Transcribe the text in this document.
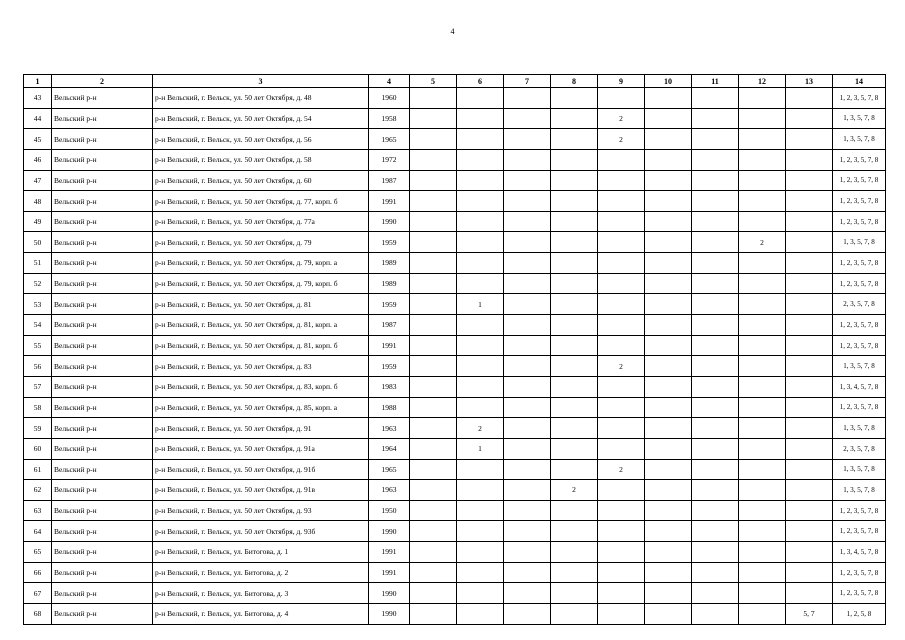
4
1	2	3	4	5	6	7	8	9	10	11	12	13	14
43	Вельский р-н	р-н Вельский, г. Вельск, ул. 50 лет Октября, д. 48	1960										1, 2, 3, 5, 7, 8
44	Вельский р-н	р-н Вельский, г. Вельск, ул. 50 лет Октября, д. 54	1958					2					1, 3, 5, 7, 8
45	Вельский р-н	р-н Вельский, г. Вельск, ул. 50 лет Октября, д. 56	1965					2					1, 3, 5, 7, 8
46	Вельский р-н	р-н Вельский, г. Вельск, ул. 50 лет Октября, д. 58	1972										1, 2, 3, 5, 7, 8
47	Вельский р-н	р-н Вельский, г. Вельск, ул. 50 лет Октября, д. 60	1987										1, 2, 3, 5, 7, 8
48	Вельский р-н	р-н Вельский, г. Вельск, ул. 50 лет Октября, д. 77, корп. б	1991										1, 2, 3, 5, 7, 8
49	Вельский р-н	р-н Вельский, г. Вельск, ул. 50 лет Октября, д. 77а	1990										1, 2, 3, 5, 7, 8
50	Вельский р-н	р-н Вельский, г. Вельск, ул. 50 лет Октября, д. 79	1959								2		1, 3, 5, 7, 8
51	Вельский р-н	р-н Вельский, г. Вельск, ул. 50 лет Октября, д. 79, корп. а	1989										1, 2, 3, 5, 7, 8
52	Вельский р-н	р-н Вельский, г. Вельск, ул. 50 лет Октября, д. 79, корп. б	1989										1, 2, 3, 5, 7, 8
53	Вельский р-н	р-н Вельский, г. Вельск, ул. 50 лет Октября, д. 81	1959		1								2, 3, 5, 7, 8
54	Вельский р-н	р-н Вельский, г. Вельск, ул. 50 лет Октября, д. 81, корп. а	1987										1, 2, 3, 5, 7, 8
55	Вельский р-н	р-н Вельский, г. Вельск, ул. 50 лет Октября, д. 81, корп. б	1991										1, 2, 3, 5, 7, 8
56	Вельский р-н	р-н Вельский, г. Вельск, ул. 50 лет Октября, д. 83	1959					2					1, 3, 5, 7, 8
57	Вельский р-н	р-н Вельский, г. Вельск, ул. 50 лет Октября, д. 83, корп. б	1983										1, 3, 4, 5, 7, 8
58	Вельский р-н	р-н Вельский, г. Вельск, ул. 50 лет Октября, д. 85, корп. а	1988										1, 2, 3, 5, 7, 8
59	Вельский р-н	р-н Вельский, г. Вельск, ул. 50 лет Октября, д. 91	1963		2								1, 3, 5, 7, 8
60	Вельский р-н	р-н Вельский, г. Вельск, ул. 50 лет Октября, д. 91а	1964		1								2, 3, 5, 7, 8
61	Вельский р-н	р-н Вельский, г. Вельск, ул. 50 лет Октября, д. 91б	1965					2					1, 3, 5, 7, 8
62	Вельский р-н	р-н Вельский, г. Вельск, ул. 50 лет Октября, д. 91в	1963				2						1, 3, 5, 7, 8
63	Вельский р-н	р-н Вельский, г. Вельск, ул. 50 лет Октября, д. 93	1950										1, 2, 3, 5, 7, 8
64	Вельский р-н	р-н Вельский, г. Вельск, ул. 50 лет Октября, д. 93б	1990										1, 2, 3, 5, 7, 8
65	Вельский р-н	р-н Вельский, г. Вельск, ул. Битогова, д. 1	1991										1, 3, 4, 5, 7, 8
66	Вельский р-н	р-н Вельский, г. Вельск, ул. Битогова, д. 2	1991										1, 2, 3, 5, 7, 8
67	Вельский р-н	р-н Вельский, г. Вельск, ул. Битогова, д. 3	1990										1, 2, 3, 5, 7, 8
68	Вельский р-н	р-н Вельский, г. Вельск, ул. Битогова, д. 4	1990									5, 7	1, 2, 5, 8
